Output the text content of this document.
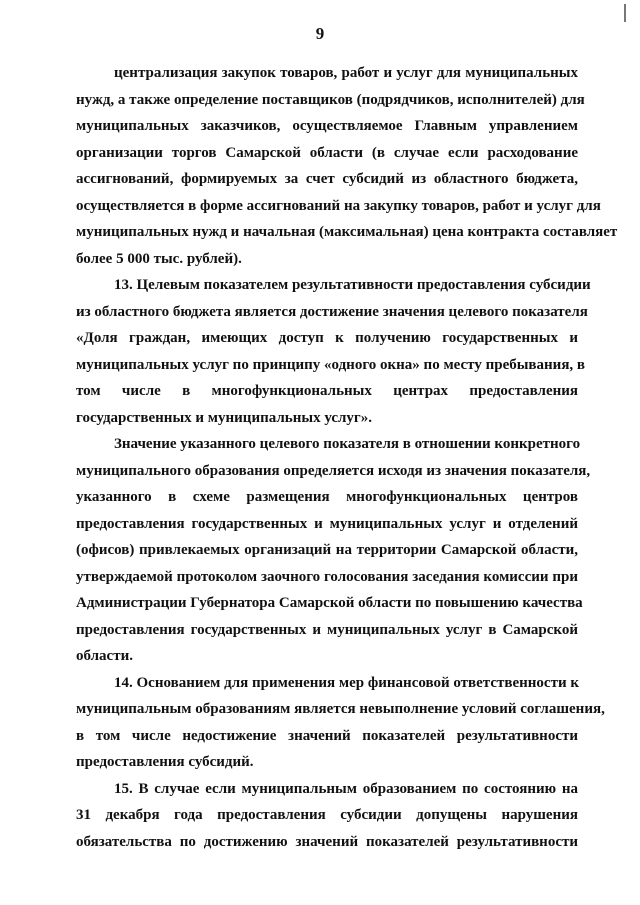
9
централизация закупок товаров, работ и услуг для муниципальных
нужд, а также определение поставщиков (подрядчиков, исполнителей) для
муниципальных заказчиков, осуществляемое Главным управлением
организации торгов Самарской области (в случае если расходование
ассигнований, формируемых за счет субсидий из областного бюджета,
осуществляется в форме ассигнований на закупку товаров, работ и услуг для
муниципальных нужд и начальная (максимальная) цена контракта составляет
более 5 000 тыс. рублей).
13. Целевым показателем результативности предоставления субсидии
из областного бюджета является достижение значения целевого показателя
«Доля граждан, имеющих доступ к получению государственных и
муниципальных услуг по принципу «одного окна» по месту пребывания, в
том числе в многофункциональных центрах предоставления
государственных и муниципальных услуг».
Значение указанного целевого показателя в отношении конкретного
муниципального образования определяется исходя из значения показателя,
указанного в схеме размещения многофункциональных центров
предоставления государственных и муниципальных услуг и отделений
(офисов) привлекаемых организаций на территории Самарской области,
утверждаемой протоколом заочного голосования заседания комиссии при
Администрации Губернатора Самарской области по повышению качества
предоставления государственных и муниципальных услуг в Самарской
области.
14. Основанием для применения мер финансовой ответственности к
муниципальным образованиям является невыполнение условий соглашения,
в том числе недостижение значений показателей результативности
предоставления субсидий.
15. В случае если муниципальным образованием по состоянию на
31 декабря года предоставления субсидии допущены нарушения
обязательства по достижению значений показателей результативности
